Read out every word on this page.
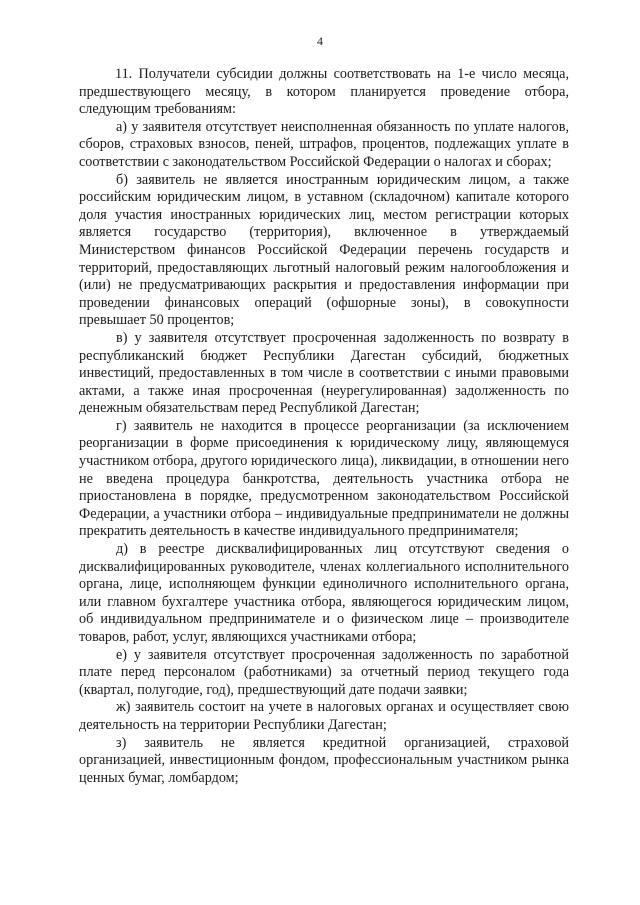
4

11. Получатели субсидии должны соответствовать на 1-е число месяца, предшествующего месяцу, в котором планируется проведение отбора, следующим требованиям:

а) у заявителя отсутствует неисполненная обязанность по уплате налогов, сборов, страховых взносов, пеней, штрафов, процентов, подлежащих уплате в соответствии с законодательством Российской Федерации о налогах и сборах;

б) заявитель не является иностранным юридическим лицом, а также российским юридическим лицом, в уставном (складочном) капитале которого доля участия иностранных юридических лиц, местом регистрации которых является государство (территория), включенное в утверждаемый Министерством финансов Российской Федерации перечень государств и территорий, предоставляющих льготный налоговый режим налогообложения и (или) не предусматривающих раскрытия и предоставления информации при проведении финансовых операций (офшорные зоны), в совокупности превышает 50 процентов;

в) у заявителя отсутствует просроченная задолженность по возврату в республиканский бюджет Республики Дагестан субсидий, бюджетных инвестиций, предоставленных в том числе в соответствии с иными правовыми актами, а также иная просроченная (неурегулированная) задолженность по денежным обязательствам перед Республикой Дагестан;

г) заявитель не находится в процессе реорганизации (за исключением реорганизации в форме присоединения к юридическому лицу, являющемуся участником отбора, другого юридического лица), ликвидации, в отношении него не введена процедура банкротства, деятельность участника отбора не приостановлена в порядке, предусмотренном законодательством Российской Федерации, а участники отбора – индивидуальные предприниматели не должны прекратить деятельность в качестве индивидуального предпринимателя;

д) в реестре дисквалифицированных лиц отсутствуют сведения о дисквалифицированных руководителе, членах коллегиального исполнительного органа, лице, исполняющем функции единоличного исполнительного органа, или главном бухгалтере участника отбора, являющегося юридическим лицом, об индивидуальном предпринимателе и о физическом лице – производителе товаров, работ, услуг, являющихся участниками отбора;

е) у заявителя отсутствует просроченная задолженность по заработной плате перед персоналом (работниками) за отчетный период текущего года (квартал, полугодие, год), предшествующий дате подачи заявки;

ж) заявитель состоит на учете в налоговых органах и осуществляет свою деятельность на территории Республики Дагестан;

з) заявитель не является кредитной организацией, страховой организацией, инвестиционным фондом, профессиональным участником рынка ценных бумаг, ломбардом;
